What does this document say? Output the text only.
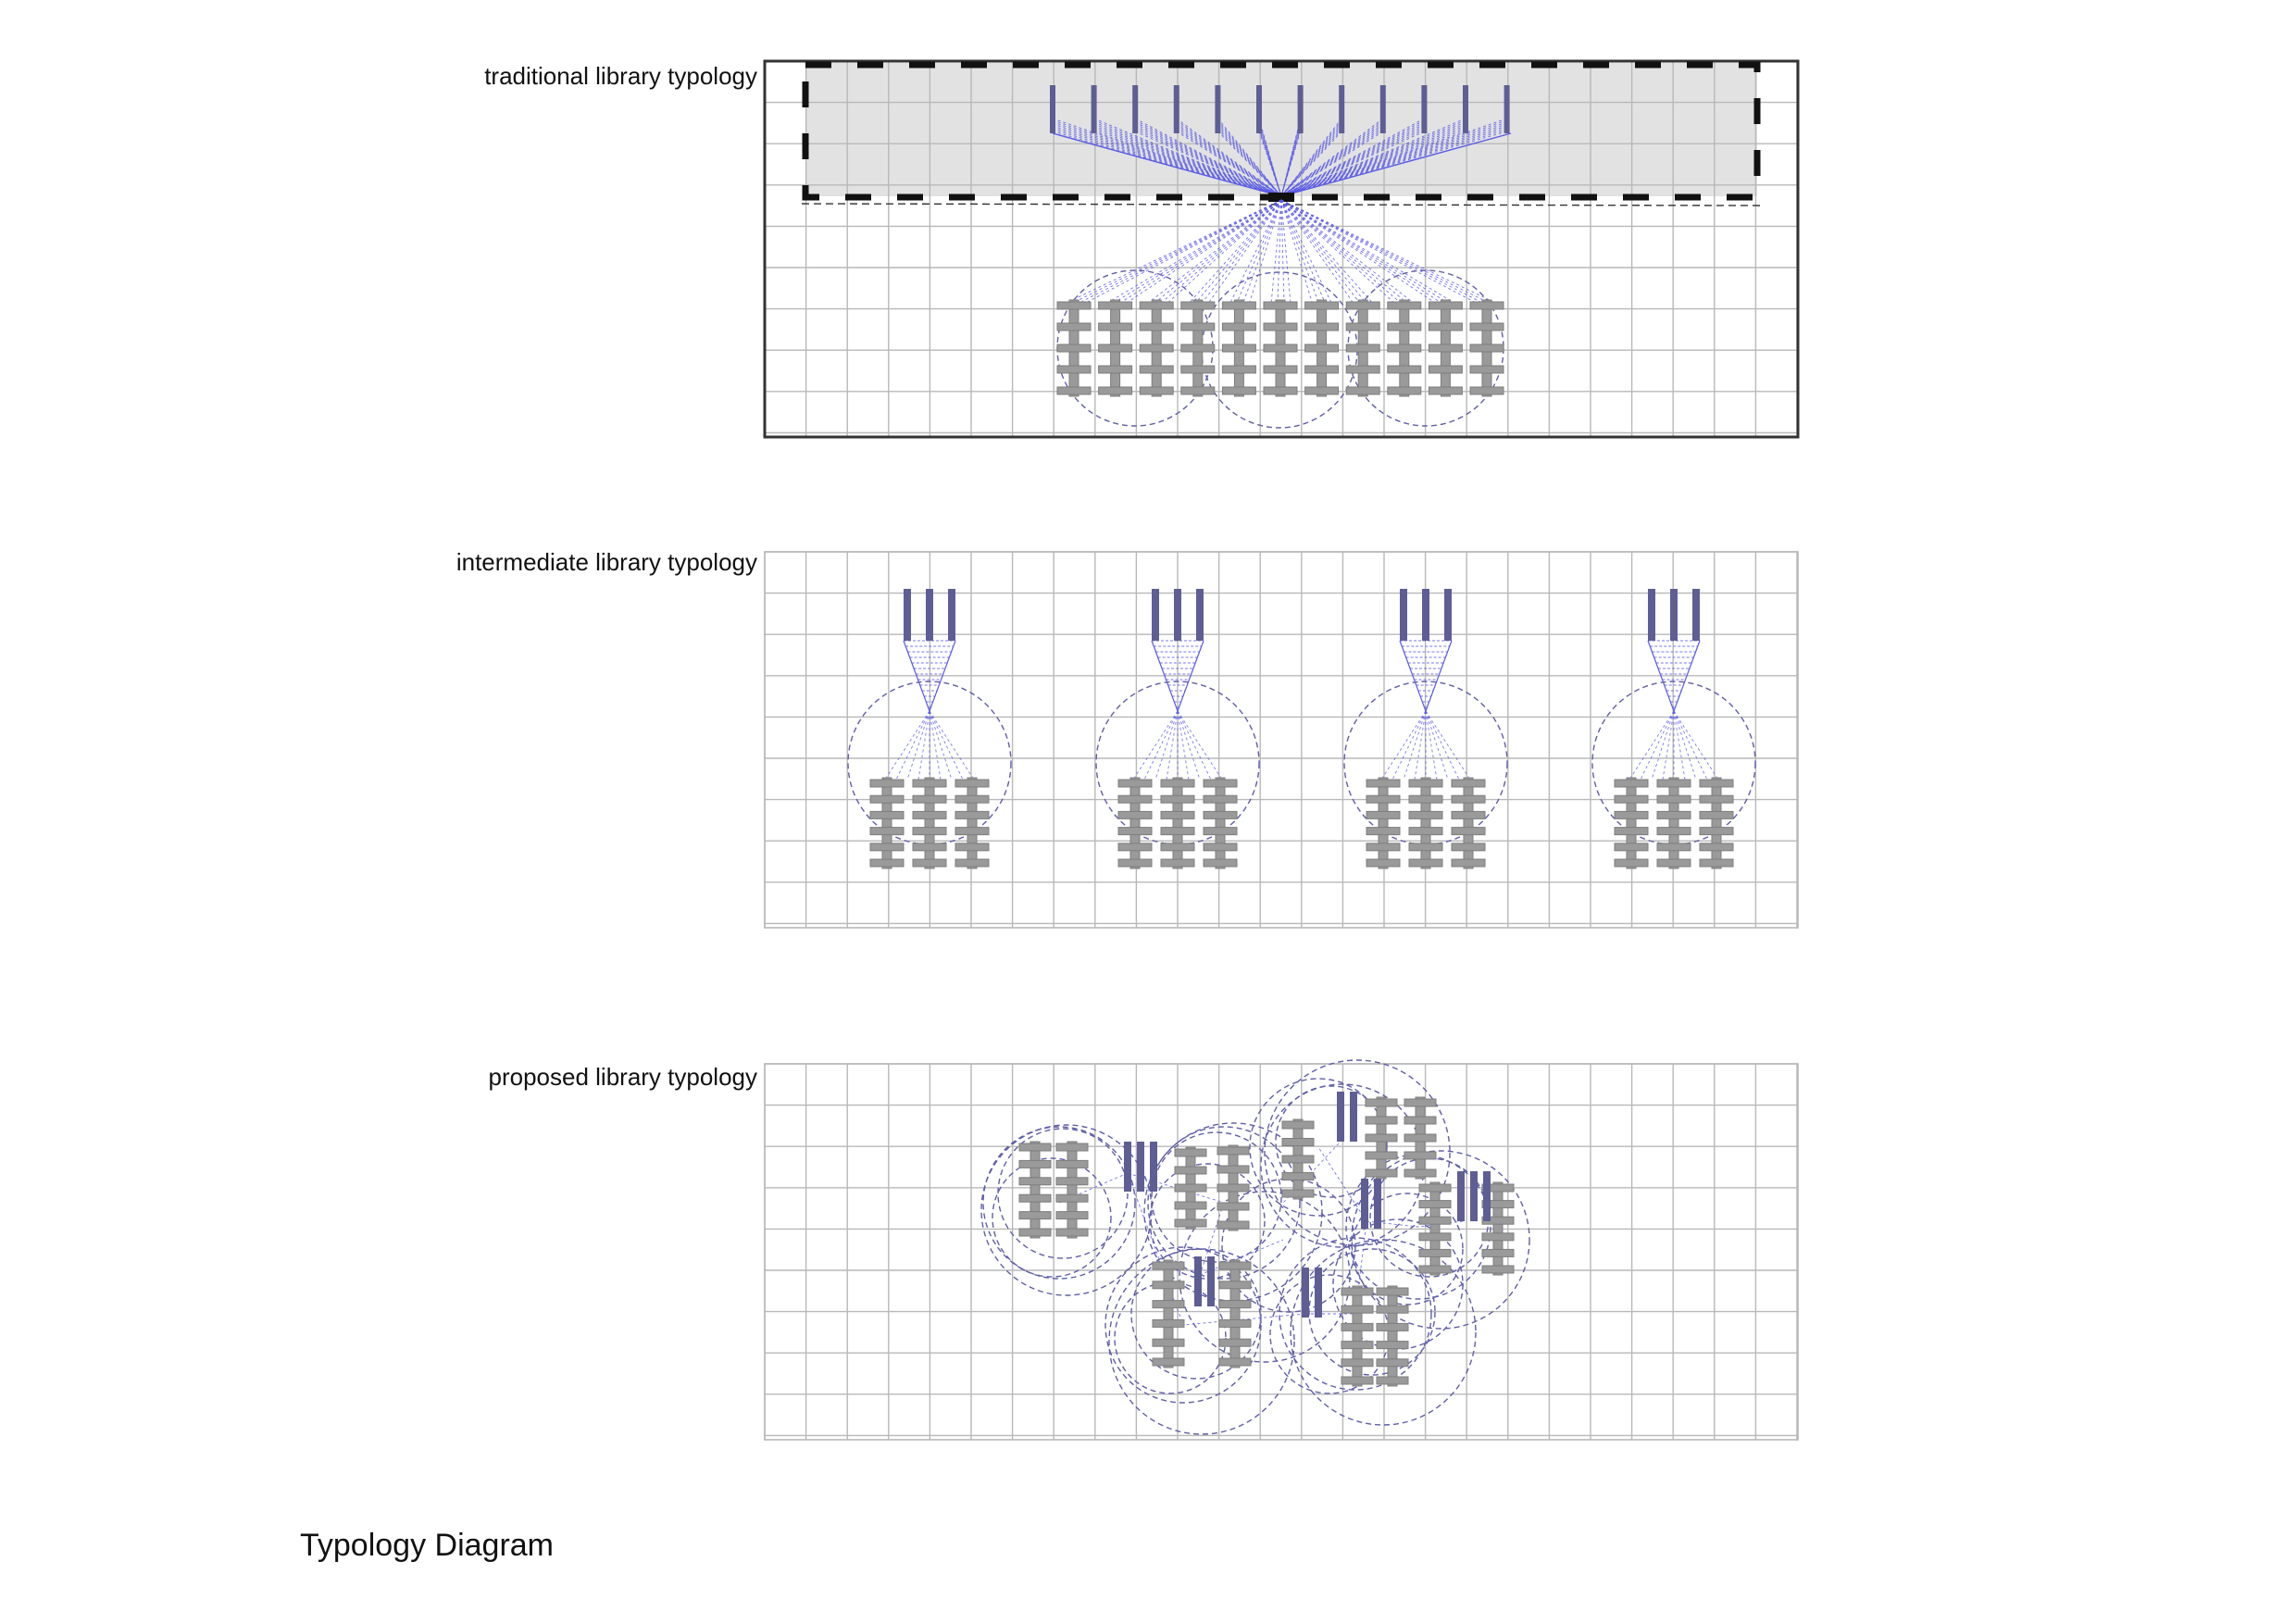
traditional library typology
intermediate library typology
proposed library typology
Typology Diagram
